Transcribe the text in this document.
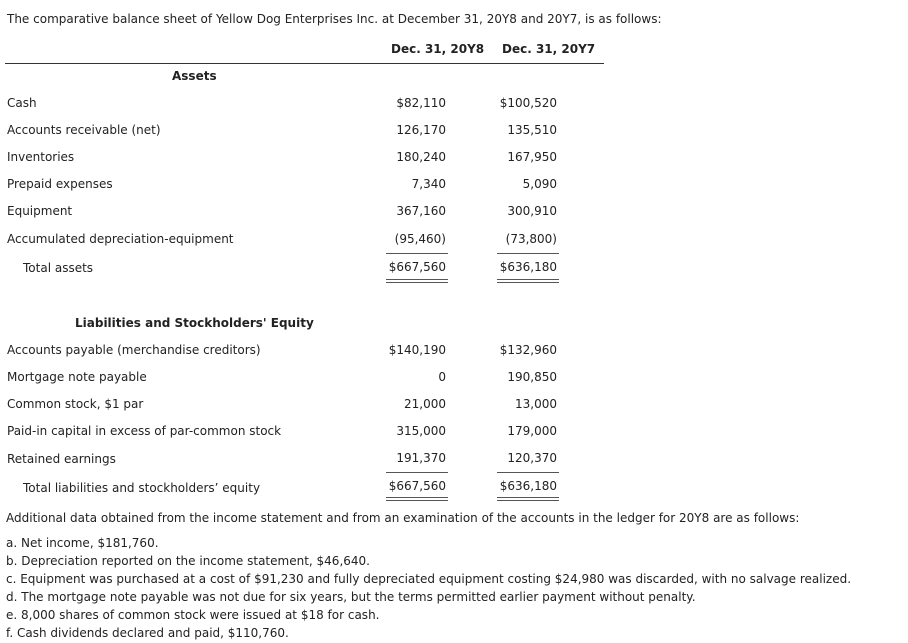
The comparative balance sheet of Yellow Dog Enterprises Inc. at December 31, 20Y8 and 20Y7, is as follows:
Dec. 31, 20Y8 Dec. 31, 20Y7
Assets
Cash	$82,110	$100,520
Accounts receivable (net)	126,170	135,510
Inventories	180,240	167,950
Prepaid expenses	7,340	5,090
Equipment	367,160	300,910
Accumulated depreciation-equipment	(95,460)	(73,800)
Total assets	$667,560	$636,180
Liabilities and Stockholders' Equity
Accounts payable (merchandise creditors)	$140,190	$132,960
Mortgage note payable	0	190,850
Common stock, $1 par	21,000	13,000
Paid-in capital in excess of par-common stock	315,000	179,000
Retained earnings	191,370	120,370
Total liabilities and stockholders’ equity	$667,560	$636,180
Additional data obtained from the income statement and from an examination of the accounts in the ledger for 20Y8 are as follows:
a. Net income, $181,760.
b. Depreciation reported on the income statement, $46,640.
c. Equipment was purchased at a cost of $91,230 and fully depreciated equipment costing $24,980 was discarded, with no salvage realized.
d. The mortgage note payable was not due for six years, but the terms permitted earlier payment without penalty.
e. 8,000 shares of common stock were issued at $18 for cash.
f. Cash dividends declared and paid, $110,760.
